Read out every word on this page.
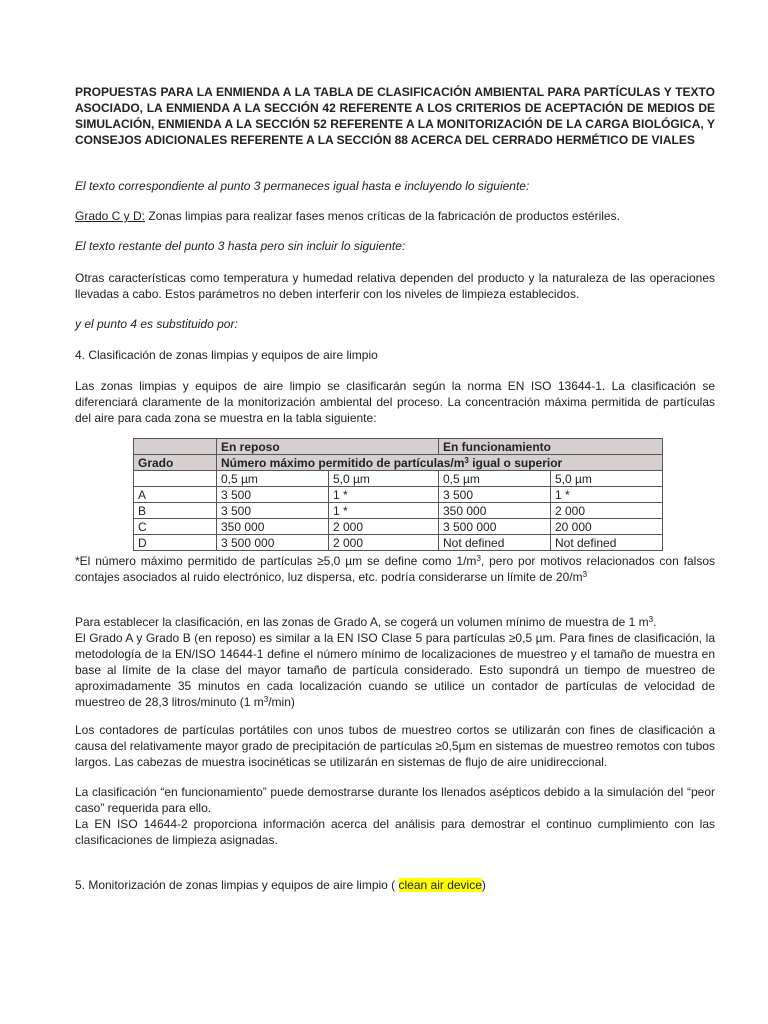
PROPUESTAS PARA LA ENMIENDA A LA TABLA DE CLASIFICACIÓN AMBIENTAL PARA PARTÍCULAS Y TEXTO ASOCIADO, LA ENMIENDA A LA SECCIÓN 42 REFERENTE A LOS CRITERIOS DE ACEPTACIÓN DE MEDIOS DE SIMULACIÓN, ENMIENDA A LA SECCIÓN 52 REFERENTE A LA MONITORIZACIÓN DE LA CARGA BIOLÓGICA, Y CONSEJOS ADICIONALES REFERENTE A LA SECCIÓN 88 ACERCA DEL CERRADO HERMÉTICO DE VIALES

El texto correspondiente al punto 3 permaneces igual hasta e incluyendo lo siguiente:

Grado C y D: Zonas limpias para realizar fases menos críticas de la fabricación de productos estériles.

El texto restante del punto 3 hasta pero sin incluir lo siguiente:

Otras características como temperatura y humedad relativa dependen del producto y la naturaleza de las operaciones llevadas a cabo. Estos parámetros no deben interferir con los niveles de limpieza establecidos.

y el punto 4 es substituido por:

4. Clasificación de zonas limpias y equipos de aire limpio

Las zonas limpias y equipos de aire limpio se clasificarán según la norma EN ISO 13644-1. La clasificación se diferenciará claramente de la monitorización ambiental del proceso. La concentración máxima permitida de partículas del aire para cada zona se muestra en la tabla siguiente:

	En reposo		En funcionamiento	
Grado	Número máximo permitido de partículas/$m^3$ igual o superior			
	0,5 µm	5,0 µm	0,5 µm	5,0 µm
A	3 500	1 *	3 500	1 *
B	3 500	1 *	350 000	2 000
C	350 000	2 000	3 500 000	20 000
D	3 500 000	2 000	Not defined	Not defined

*El número máximo permitido de partículas ≥5,0 µm se define como $1/m^3$, pero por motivos relacionados con falsos contajes asociados al ruido electrónico, luz dispersa, etc. podría considerarse un límite de $20/m^3$

Para establecer la clasificación, en las zonas de Grado A, se cogerá un volumen mínimo de muestra de 1 $m^3$.

El Grado A y Grado B (en reposo) es similar a la EN ISO Clase 5 para partículas ≥0,5 µm. Para fines de clasificación, la metodología de la EN/ISO 14644-1 define el número mínimo de localizaciones de muestreo y el tamaño de muestra en base al límite de la clase del mayor tamaño de partícula considerado. Esto supondrá un tiempo de muestreo de aproximadamente 35 minutos en cada localización cuando se utilice un contador de partículas de velocidad de muestreo de 28,3 litros/minuto (1 $m^3/\min$)

Los contadores de partículas portátiles con unos tubos de muestreo cortos se utilizarán con fines de clasificación a causa del relativamente mayor grado de precipitación de partículas ≥0,5µm en sistemas de muestreo remotos con tubos largos. Las cabezas de muestra isocinéticas se utilizarán en sistemas de flujo de aire unidireccional.

La clasificación “en funcionamiento” puede demostrarse durante los llenados asépticos debido a la simulación del “peor caso” requerida para ello.

La EN ISO 14644-2 proporciona información acerca del análisis para demostrar el continuo cumplimiento con las clasificaciones de limpieza asignadas.

5. Monitorización de zonas limpias y equipos de aire limpio ( clean air device)
